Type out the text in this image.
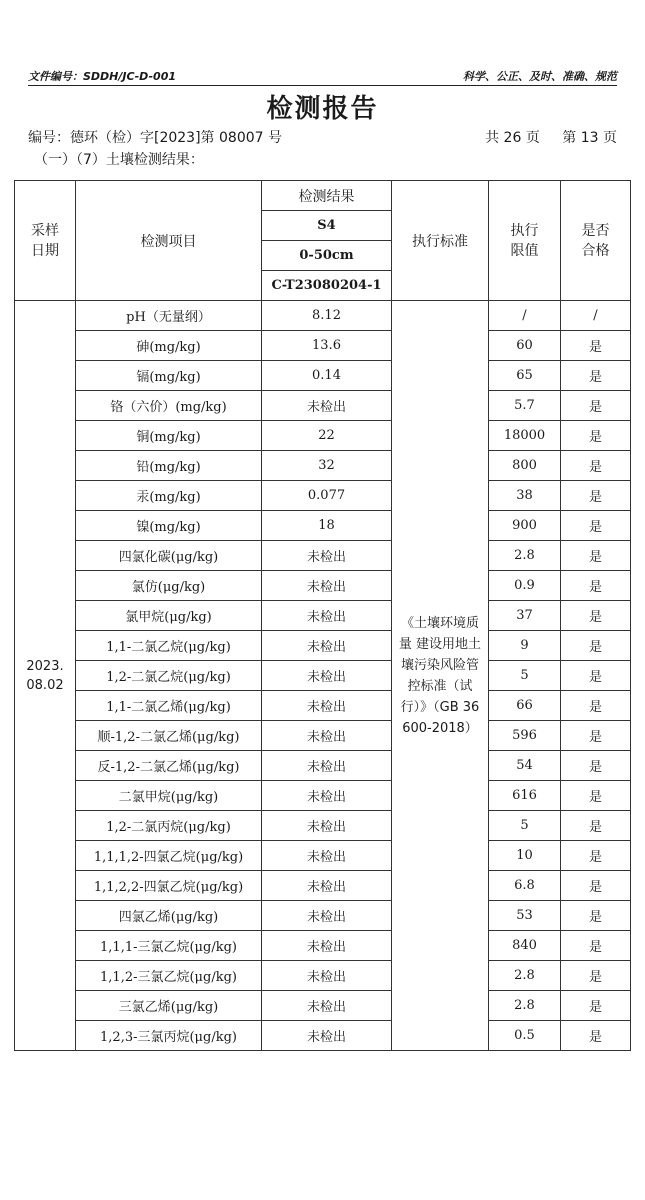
文件编号：SDDH/JC-D-001	科学、公正、及时、准确、规范
检测报告
编号：德环（检）字[2023]第 08007 号	共 26 页 第 13 页
（一）（7）土壤检测结果：
采样日期	检测项目	检测结果	执行标准	执行限值	是否合格
		S4			
		0-50cm			
		C-T23080204-1			
2023.
08.02	pH（无量纲）	8.12	《土壤环境质量 建设用地土壤污染风险管控标准（试行）》（GB 36600-2018）	/	/
	砷(mg/kg)	13.6		60	是
	镉(mg/kg)	0.14		65	是
	铬（六价）(mg/kg)	未检出		5.7	是
	铜(mg/kg)	22		18000	是
	铅(mg/kg)	32		800	是
	汞(mg/kg)	0.077		38	是
	镍(mg/kg)	18		900	是
	四氯化碳(μg/kg)	未检出		2.8	是
	氯仿(μg/kg)	未检出		0.9	是
	氯甲烷(μg/kg)	未检出		37	是
	1,1-二氯乙烷(μg/kg)	未检出		9	是
	1,2-二氯乙烷(μg/kg)	未检出		5	是
	1,1-二氯乙烯(μg/kg)	未检出		66	是
	顺-1,2-二氯乙烯(μg/kg)	未检出		596	是
	反-1,2-二氯乙烯(μg/kg)	未检出		54	是
	二氯甲烷(μg/kg)	未检出		616	是
	1,2-二氯丙烷(μg/kg)	未检出		5	是
	1,1,1,2-四氯乙烷(μg/kg)	未检出		10	是
	1,1,2,2-四氯乙烷(μg/kg)	未检出		6.8	是
	四氯乙烯(μg/kg)	未检出		53	是
	1,1,1-三氯乙烷(μg/kg)	未检出		840	是
	1,1,2-三氯乙烷(μg/kg)	未检出		2.8	是
	三氯乙烯(μg/kg)	未检出		2.8	是
	1,2,3-三氯丙烷(μg/kg)	未检出		0.5	是
